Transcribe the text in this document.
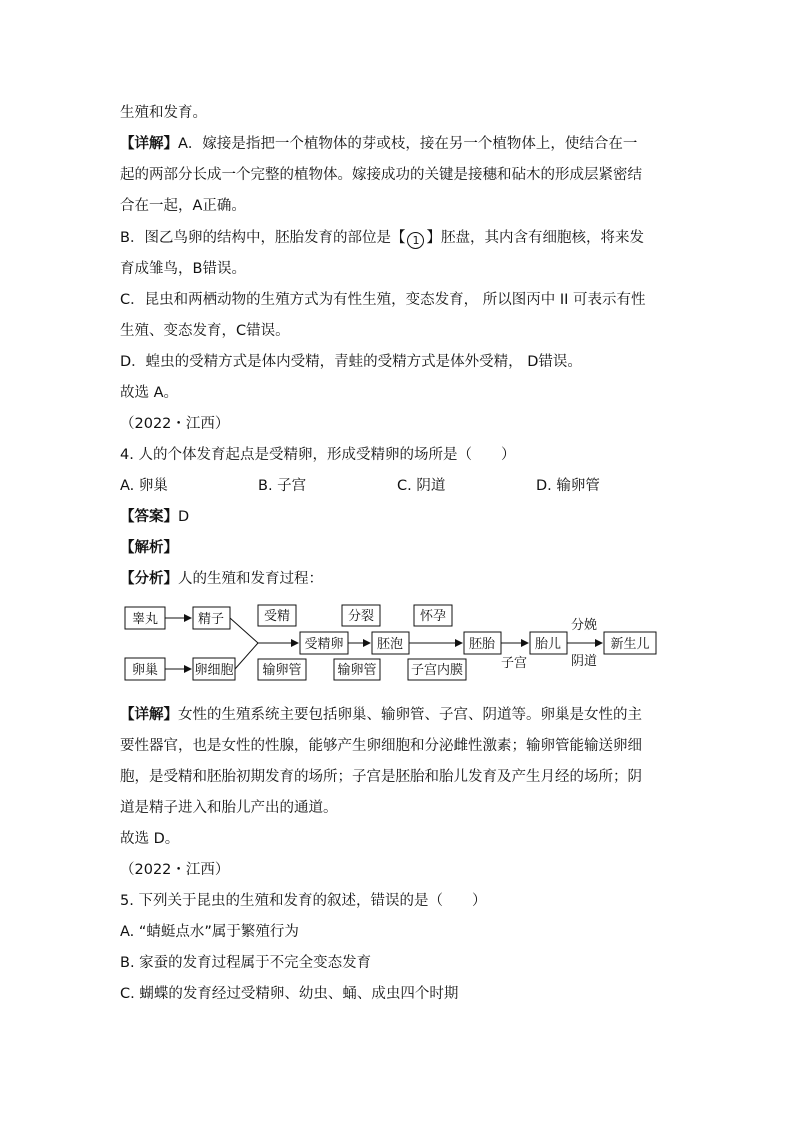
生殖和发育。
【详解】A．嫁接是指把一个植物体的芽或枝，接在另一个植物体上，使结合在一
起的两部分长成一个完整的植物体。嫁接成功的关键是接穗和砧木的形成层紧密结
合在一起，A正确。
B．图乙鸟卵的结构中，胚胎发育的部位是【 1 】胚盘，其内含有细胞核，将来发
育成雏鸟，B错误。
C．昆虫和两栖动物的生殖方式为有性生殖，变态发育， 所以图丙中 II 可表示有性
生殖、变态发育，C错误。
D．蝗虫的受精方式是体内受精，青蛙的受精方式是体外受精， D错误。
故选 A。
（2022・江西）
4. 人的个体发育起点是受精卵，形成受精卵的场所是（　　）
A. 卵巢	B. 子宫	C. 阴道	D. 输卵管
【答案】D
【解析】
【分析】人的生殖和发育过程：
睾丸	精子
卵巢	卵细胞
受精
输卵管
受精卵
分裂
输卵管
胚泡
怀孕
子宫内膜
胚胎
子宫
胎儿
分娩
阴道
新生儿
【详解】女性的生殖系统主要包括卵巢、输卵管、子宫、阴道等。卵巢是女性的主
要性器官，也是女性的性腺，能够产生卵细胞和分泌雌性激素；输卵管能输送卵细
胞，是受精和胚胎初期发育的场所；子宫是胚胎和胎儿发育及产生月经的场所；阴
道是精子进入和胎儿产出的通道。
故选 D。
（2022・江西）
5. 下列关于昆虫的生殖和发育的叙述，错误的是（　　）
A. “蜻蜓点水”属于繁殖行为
B. 家蚕的发育过程属于不完全变态发育
C. 蝴蝶的发育经过受精卵、幼虫、蛹、成虫四个时期
